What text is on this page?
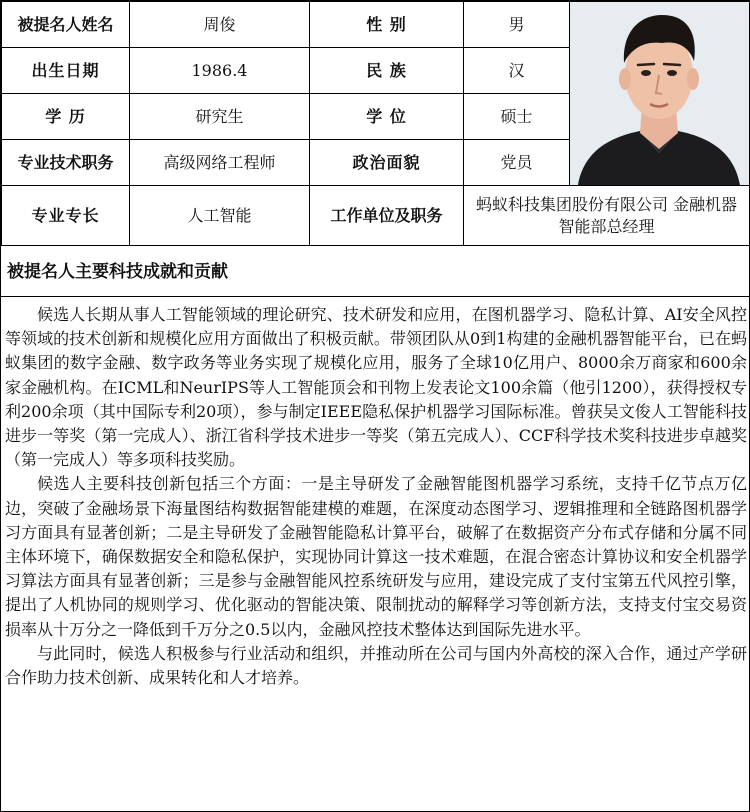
被提名人姓名	周俊	性 别	男	

出生日期	1986.4	民 族	汉	
学 历	研究生	学 位	硕士	
专业技术职务	高级网络工程师	政治面貌	党员	
专业专长	人工智能	工作单位及职务	蚂蚁科技集团股份有限公司 金融机器智能部总经理	
被提名人主要科技成就和贡献

候选人长期从事人工智能领域的理论研究、技术研发和应用，在图机器学习、隐私计算、AI安全风控等领域的技术创新和规模化应用方面做出了积极贡献。带领团队从0到1构建的金融机器智能平台，已在蚂蚁集团的数字金融、数字政务等业务实现了规模化应用，服务了全球10亿用户、8000余万商家和600余家金融机构。在ICML和NeurIPS等人工智能顶会和刊物上发表论文100余篇（他引1200），获得授权专利200余项（其中国际专利20项），参与制定IEEE隐私保护机器学习国际标准。曾获吴文俊人工智能科技进步一等奖（第一完成人）、浙江省科学技术进步一等奖（第五完成人）、CCF科学技术奖科技进步卓越奖（第一完成人）等多项科技奖励。

候选人主要科技创新包括三个方面：一是主导研发了金融智能图机器学习系统，支持千亿节点万亿边，突破了金融场景下海量图结构数据智能建模的难题，在深度动态图学习、逻辑推理和全链路图机器学习方面具有显著创新；二是主导研发了金融智能隐私计算平台，破解了在数据资产分布式存储和分属不同主体环境下，确保数据安全和隐私保护，实现协同计算这一技术难题，在混合密态计算协议和安全机器学习算法方面具有显著创新；三是参与金融智能风控系统研发与应用，建设完成了支付宝第五代风控引擎，提出了人机协同的规则学习、优化驱动的智能决策、限制扰动的解释学习等创新方法，支持支付宝交易资损率从十万分之一降低到千万分之0.5以内，金融风控技术整体达到国际先进水平。

与此同时，候选人积极参与行业活动和组织，并推动所在公司与国内外高校的深入合作，通过产学研合作助力技术创新、成果转化和人才培养。
